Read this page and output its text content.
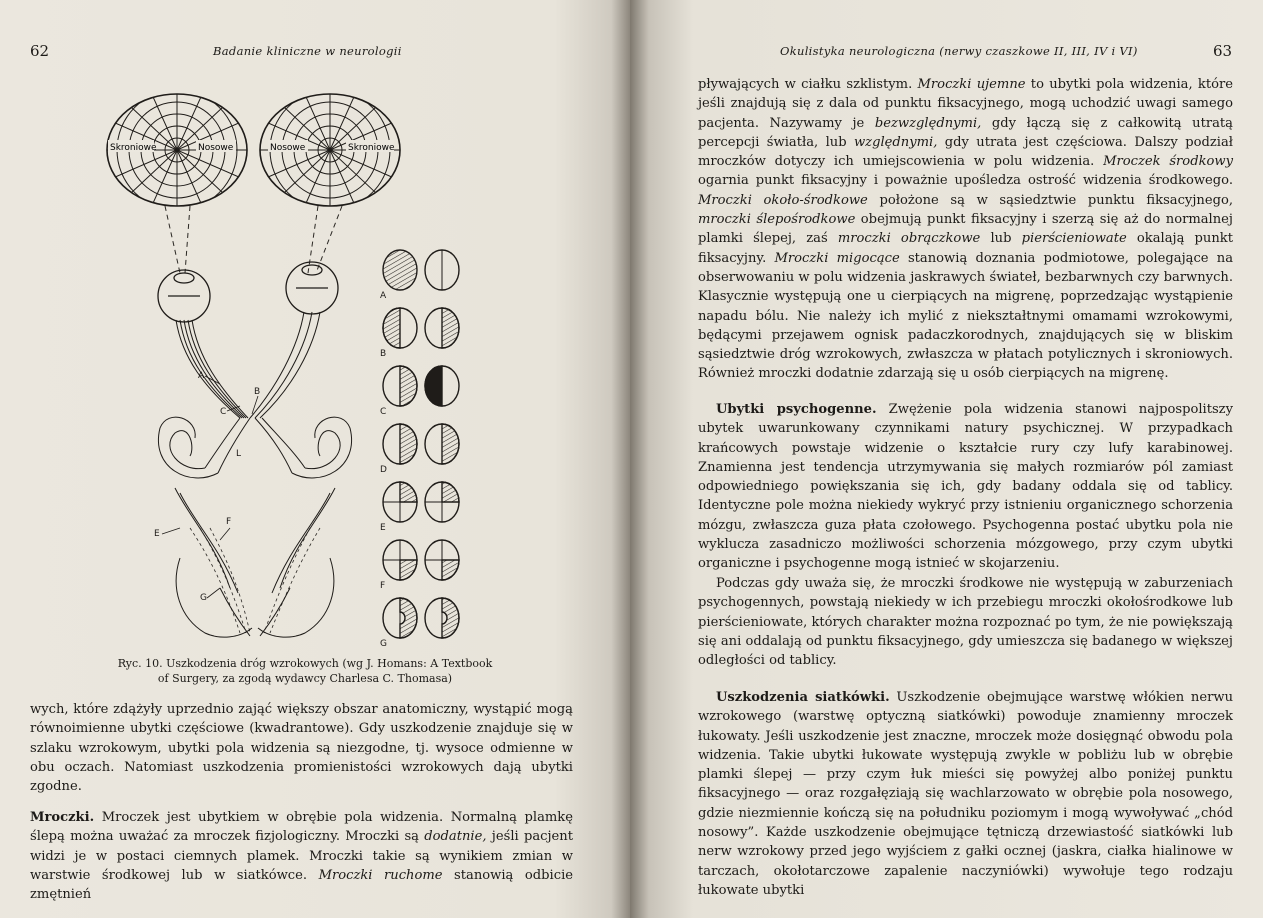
62	Badanie kliniczne w neurologii
Skroniowe	Nosowe	Nosowe	Skroniowe
A
B
C
L
E
F
G
A
B
C
D
E
F
G
Ryc. 10. Uszkodzenia dróg wzrokowych (wg J. Homans: A Textbook
of Surgery, za zgodą wydawcy Charlesa C. Thomasa)
wych, które zdążyły uprzednio zająć większy obszar anatomiczny, wystąpić mogą równoimienne ubytki częściowe (kwadrantowe). Gdy uszkodzenie znajduje się w szlaku wzrokowym, ubytki pola widzenia są niezgodne, tj. wysoce odmienne w obu oczach. Natomiast uszkodzenia promienistości wzrokowych dają ubytki zgodne.
Mroczki. Mroczek jest ubytkiem w obrębie pola widzenia. Normalną plamkę ślepą można uważać za mroczek fizjologiczny. Mroczki są dodatnie, jeśli pacjent widzi je w postaci ciemnych plamek. Mroczki takie są wynikiem zmian w warstwie środkowej lub w siatkówce. Mroczki ruchome stanowią odbicie zmętnień
Okulistyka neurologiczna (nerwy czaszkowe II, III, IV i VI)	63
pływających w ciałku szklistym. Mroczki ujemne to ubytki pola widzenia, które jeśli znajdują się z dala od punktu fiksacyjnego, mogą uchodzić uwagi samego pacjenta. Nazywamy je bezwzględnymi, gdy łączą się z całkowitą utratą percepcji światła, lub względnymi, gdy utrata jest częściowa. Dalszy podział mroczków dotyczy ich umiejscowienia w polu widzenia. Mroczek środkowy ogarnia punkt fiksacyjny i poważnie upośledza ostrość widzenia środkowego. Mroczki około-środkowe położone są w sąsiedztwie punktu fiksacyjnego, mroczki ślepośrodkowe obejmują punkt fiksacyjny i szerzą się aż do normalnej plamki ślepej, zaś mroczki obrączkowe lub pierścieniowate okalają punkt fiksacyjny. Mroczki migocące stanowią doznania podmiotowe, polegające na obserwowaniu w polu widzenia jaskrawych świateł, bezbarwnych czy barwnych. Klasycznie występują one u cierpiących na migrenę, poprzedzając wystąpienie napadu bólu. Nie należy ich mylić z niekształtnymi omamami wzrokowymi, będącymi przejawem ognisk padaczkorodnych, znajdujących się w bliskim sąsiedztwie dróg wzrokowych, zwłaszcza w płatach potylicznych i skroniowych. Również mroczki dodatnie zdarzają się u osób cierpiących na migrenę.
Ubytki psychogenne. Zwężenie pola widzenia stanowi najpospolitszy ubytek uwarunkowany czynnikami natury psychicznej. W przypadkach krańcowych powstaje widzenie o kształcie rury czy lufy karabinowej. Znamienna jest tendencja utrzymywania się małych rozmiarów pól zamiast odpowiedniego powiększania się ich, gdy badany oddala się od tablicy. Identyczne pole można niekiedy wykryć przy istnieniu organicznego schorzenia mózgu, zwłaszcza guza płata czołowego. Psychogenna postać ubytku pola nie wyklucza zasadniczo możliwości schorzenia mózgowego, przy czym ubytki organiczne i psychogenne mogą istnieć w skojarzeniu.
Podczas gdy uważa się, że mroczki środkowe nie występują w zaburzeniach psychogennych, powstają niekiedy w ich przebiegu mroczki okołośrodkowe lub pierścieniowate, których charakter można rozpoznać po tym, że nie powiększają się ani oddalają od punktu fiksacyjnego, gdy umieszcza się badanego w większej odległości od tablicy.
Uszkodzenia siatkówki. Uszkodzenie obejmujące warstwę włókien nerwu wzrokowego (warstwę optyczną siatkówki) powoduje znamienny mroczek łukowaty. Jeśli uszkodzenie jest znaczne, mroczek może dosięgnąć obwodu pola widzenia. Takie ubytki łukowate występują zwykle w pobliżu lub w obrębie plamki ślepej — przy czym łuk mieści się powyżej albo poniżej punktu fiksacyjnego — oraz rozgałęziają się wachlarzowato w obrębie pola nosowego, gdzie niezmiennie kończą się na południku poziomym i mogą wywoływać „chód nosowy”. Każde uszkodzenie obejmujące tętniczą drzewiastość siatkówki lub nerw wzrokowy przed jego wyjściem z gałki ocznej (jaskra, ciałka hialinowe w tarczach, okołotarczowe zapalenie naczyniówki) wywołuje tego rodzaju łukowate ubytki
